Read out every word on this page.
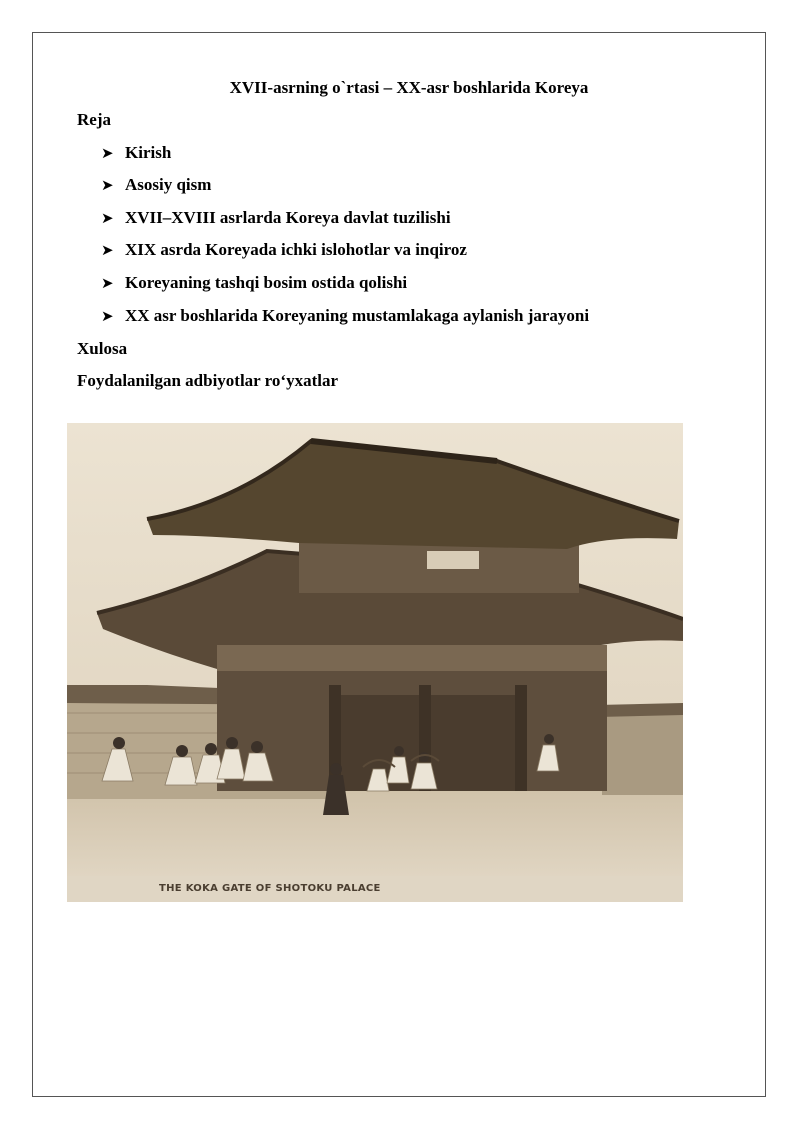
XVII-asrning o`rtasi – XX-asr boshlarida Koreya
Reja
➤ Kirish
➤ Asosiy qism
➤ XVII–XVIII asrlarda Koreya davlat tuzilishi
➤ XIX asrda Koreyada ichki islohotlar va inqiroz
➤ Koreyaning tashqi bosim ostida qolishi
➤ XX asr boshlarida Koreyaning mustamlakaga aylanish jarayoni
Xulosa
Foydalanilgan adbiyotlar ro‘yxatlar
THE KOKA GATE OF SHOTOKU PALACE
